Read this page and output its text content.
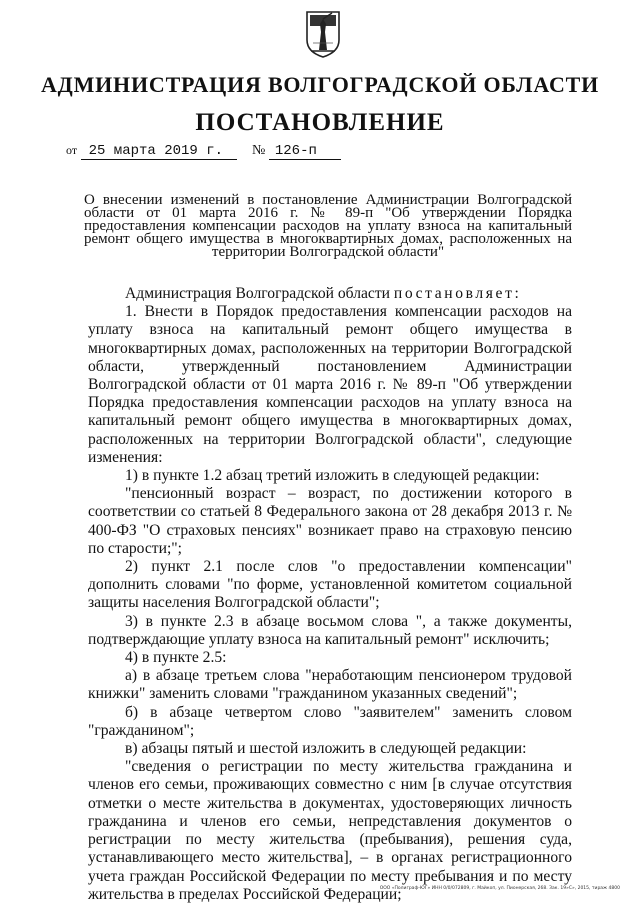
АДМИНИСТРАЦИЯ ВОЛГОГРАДСКОЙ ОБЛАСТИ
ПОСТАНОВЛЕНИЕ
от 25 марта 2019 г. № 126-п
О внесении изменений в постановление Администрации Волгоградской области от 01 марта 2016 г. № 89-п "Об утверждении Порядка предоставления компенсации расходов на уплату взноса на капитальный ремонт общего имущества в многоквартирных домах, расположенных на территории Волгоградской области"

Администрация Волгоградской области постановляет:

1. Внести в Порядок предоставления компенсации расходов на уплату взноса на капитальный ремонт общего имущества в многоквартирных домах, расположенных на территории Волгоградской области, утвержденный постановлением Администрации Волгоградской области от 01 марта 2016 г. № 89-п "Об утверждении Порядка предоставления компенсации расходов на уплату взноса на капитальный ремонт общего имущества в многоквартирных домах, расположенных на территории Волгоградской области", следующие изменения:

1) в пункте 1.2 абзац третий изложить в следующей редакции:

"пенсионный возраст – возраст, по достижении которого в соответствии со статьей 8 Федерального закона от 28 декабря 2013 г. № 400-ФЗ "О страховых пенсиях" возникает право на страховую пенсию по старости;";

2) пункт 2.1 после слов "о предоставлении компенсации" дополнить словами "по форме, установленной комитетом социальной защиты населения Волгоградской области";

3) в пункте 2.3 в абзаце восьмом слова ", а также документы, подтверждающие уплату взноса на капитальный ремонт" исключить;

4) в пункте 2.5:

а) в абзаце третьем слова "неработающим пенсионером трудовой книжки" заменить словами "гражданином указанных сведений";

б) в абзаце четвертом слово "заявителем" заменить словом "гражданином";

в) абзацы пятый и шестой изложить в следующей редакции:

"сведения о регистрации по месту жительства гражданина и членов его семьи, проживающих совместно с ним [в случае отсутствия отметки о месте жительства в документах, удостоверяющих личность гражданина и членов его семьи, непредставления документов о регистрации по месту жительства (пребывания), решения суда, устанавливающего место жительства], – в органах регистрационного учета граждан Российской Федерации по месту пребывания и по месту жительства в пределах Российской Федерации;

ООО «Полиграф-ЮГ» ИНН 0/0/072809, г. Майкоп, ул. Пионерская, 268. Зак. 19»С», 2015, тираж 4800
